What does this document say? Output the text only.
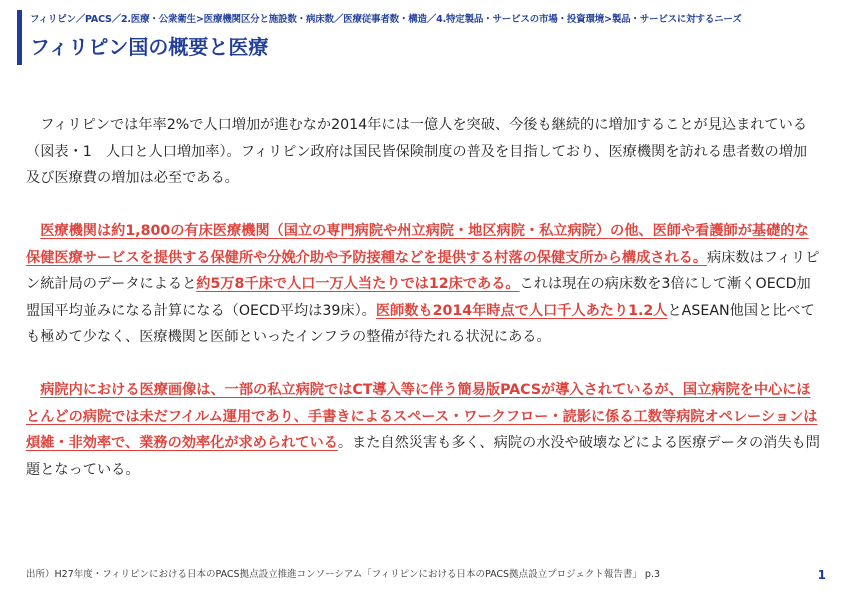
フィリピン／PACS／2.医療・公衆衛生>医療機関区分と施設数・病床数／医療従事者数・構造／4.特定製品・サービスの市場・投資環境>製品・サービスに対するニーズ
フィリピン国の概要と医療

フィリピンでは年率2%で人口増加が進むなか2014年には一億人を突破、今後も継続的に増加することが見込まれている（図表・1　人口と人口増加率）。フィリピン政府は国民皆保険制度の普及を目指しており、医療機関を訪れる患者数の増加及び医療費の増加は必至である。

医療機関は約1,800の有床医療機関（国立の専門病院や州立病院・地区病院・私立病院）の他、医師や看護師が基礎的な保健医療サービスを提供する保健所や分娩介助や予防接種などを提供する村落の保健支所から構成される。病床数はフィリピン統計局のデータによると約5万8千床で人口一万人当たりでは12床である。これは現在の病床数を3倍にして漸くOECD加盟国平均並みになる計算になる（OECD平均は39床）。医師数も2014年時点で人口千人あたり1.2人とASEAN他国と比べても極めて少なく、医療機関と医師といったインフラの整備が待たれる状況にある。

病院内における医療画像は、一部の私立病院ではCT導入等に伴う簡易版PACSが導入されているが、国立病院を中心にほとんどの病院では未だフイルム運用であり、手書きによるスペース・ワークフロー・読影に係る工数等病院オペレーションは煩雑・非効率で、業務の効率化が求められている。また自然災害も多く、病院の水没や破壊などによる医療データの消失も問題となっている。

出所）H27年度・フィリピンにおける日本のPACS拠点設立推進コンソーシアム「フィリピンにおける日本のPACS拠点設立プロジェクト報告書」 p.3	1
